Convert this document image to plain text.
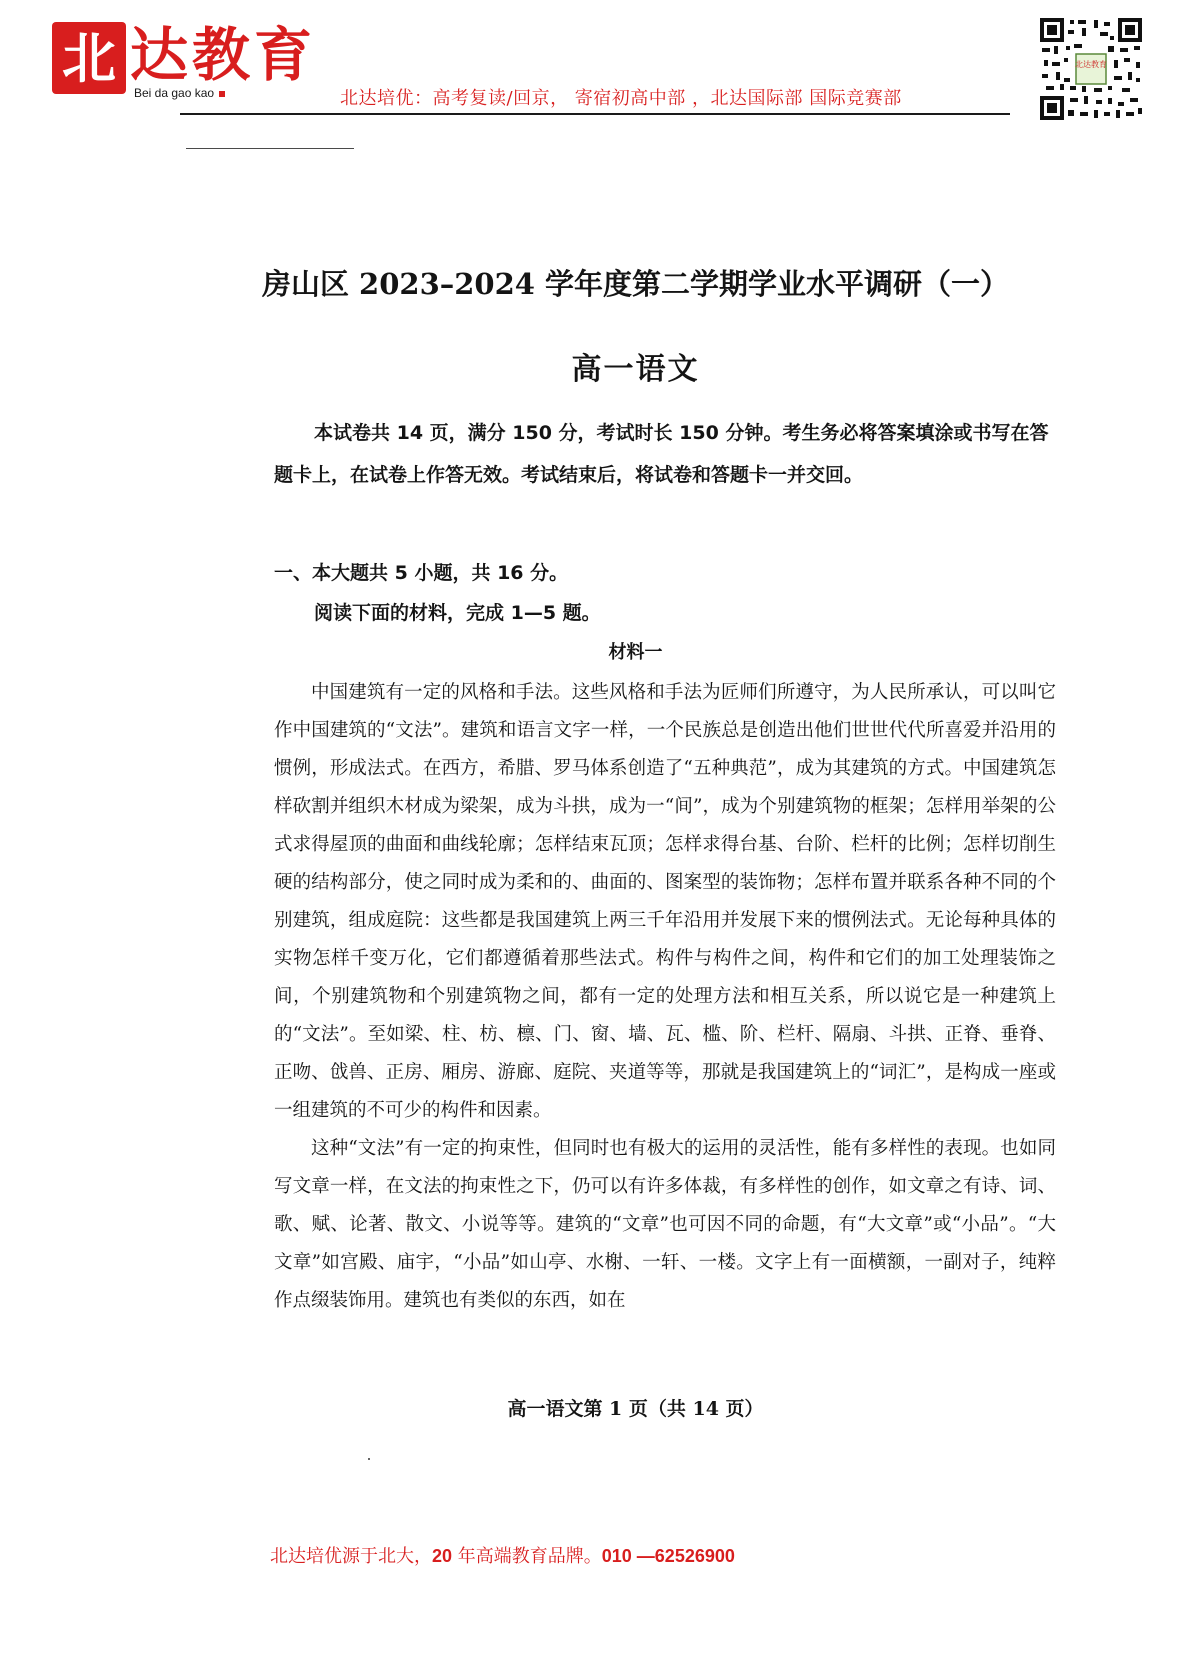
北 达教育
Bei da gao kao	北达培优：高考复读/回京， 寄宿初高中部 ，北达国际部 国际竞赛部
北达教育
房山区 2023–2024 学年度第二学期学业水平调研（一）
高一语文

本试卷共 14 页，满分 150 分，考试时长 150 分钟。考生务必将答案填涂或书写在答

题卡上，在试卷上作答无效。考试结束后，将试卷和答题卡一并交回。

一、本大题共 5 小题，共 16 分。
阅读下面的材料，完成 1—5 题。
材料一

中国建筑有一定的风格和手法。这些风格和手法为匠师们所遵守，为人民所承认，可以叫它作中国建筑的“文法”。建筑和语言文字一样，一个民族总是创造出他们世世代代所喜爱并沿用的惯例，形成法式。在西方，希腊、罗马体系创造了“五种典范”，成为其建筑的方式。中国建筑怎样砍割并组织木材成为梁架，成为斗拱，成为一“间”，成为个别建筑物的框架；怎样用举架的公式求得屋顶的曲面和曲线轮廓；怎样结束瓦顶；怎样求得台基、台阶、栏杆的比例；怎样切削生硬的结构部分，使之同时成为柔和的、曲面的、图案型的装饰物；怎样布置并联系各种不同的个别建筑，组成庭院：这些都是我国建筑上两三千年沿用并发展下来的惯例法式。无论每种具体的实物怎样千变万化，它们都遵循着那些法式。构件与构件之间，构件和它们的加工处理装饰之间，个别建筑物和个别建筑物之间，都有一定的处理方法和相互关系，所以说它是一种建筑上的“文法”。至如梁、柱、枋、檩、门、窗、墙、瓦、槛、阶、栏杆、隔扇、斗拱、正脊、垂脊、正吻、戗兽、正房、厢房、游廊、庭院、夹道等等，那就是我国建筑上的“词汇”，是构成一座或一组建筑的不可少的构件和因素。

这种“文法”有一定的拘束性，但同时也有极大的运用的灵活性，能有多样性的表现。也如同写文章一样，在文法的拘束性之下，仍可以有许多体裁，有多样性的创作，如文章之有诗、词、歌、赋、论著、散文、小说等等。建筑的“文章”也可因不同的命题，有“大文章”或“小品”。“大文章”如宫殿、庙宇，“小品”如山亭、水榭、一轩、一楼。文字上有一面横额，一副对子，纯粹作点缀装饰用。建筑也有类似的东西，如在

高一语文第 1 页（共 14 页）
北达培优源于北大，20 年高端教育品牌。010 —62526900
